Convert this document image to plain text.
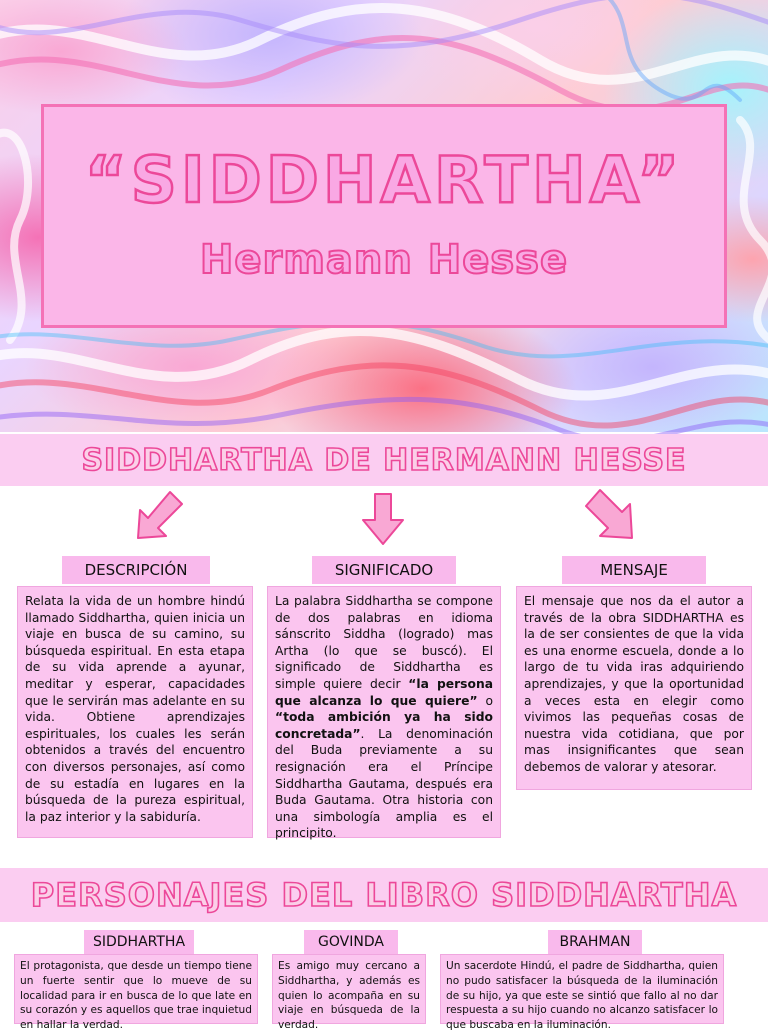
“SIDDHARTHA”
Hermann Hesse
SIDDHARTHA DE HERMANN HESSE
DESCRIPCIÓN	SIGNIFICADO	MENSAJE
Relata la vida de un hombre hindú llamado Siddhartha, quien inicia un viaje en busca de su camino, su búsqueda espiritual. En esta etapa de su vida aprende a ayunar, meditar y esperar, capacidades que le servirán mas adelante en su vida. Obtiene aprendizajes espirituales, los cuales les serán obtenidos a través del encuentro con diversos personajes, así como de su estadía en lugares en la búsqueda de la pureza espiritual, la paz interior y la sabiduría.
La palabra Siddhartha se compone de dos palabras en idioma sánscrito Siddha (logrado) mas Artha (lo que se buscó). El significado de Siddhartha es simple quiere decir “la persona que alcanza lo que quiere” o “toda ambición ya ha sido concretada”. La denominación del Buda previamente a su resignación era el Príncipe Siddhartha Gautama, después era Buda Gautama. Otra historia con una simbología amplia es el principito.
El mensaje que nos da el autor a través de la obra SIDDHARTHA es la de ser consientes de que la vida es una enorme escuela, donde a lo largo de tu vida iras adquiriendo aprendizajes, y que la oportunidad a veces esta en elegir como vivimos las pequeñas cosas de nuestra vida cotidiana, que por mas insignificantes que sean debemos de valorar y atesorar.
PERSONAJES DEL LIBRO SIDDHARTHA
SIDDHARTHA	GOVINDA	BRAHMAN
El protagonista, que desde un tiempo tiene un fuerte sentir que lo mueve de su localidad para ir en busca de lo que late en su corazón y es aquellos que trae inquietud en hallar la verdad.
Es amigo muy cercano a Siddhartha, y además es quien lo acompaña en su viaje en búsqueda de la verdad.
Un sacerdote Hindú, el padre de Siddhartha, quien no pudo satisfacer la búsqueda de la iluminación de su hijo, ya que este se sintió que fallo al no dar respuesta a su hijo cuando no alcanzo satisfacer lo que buscaba en la iluminación.
